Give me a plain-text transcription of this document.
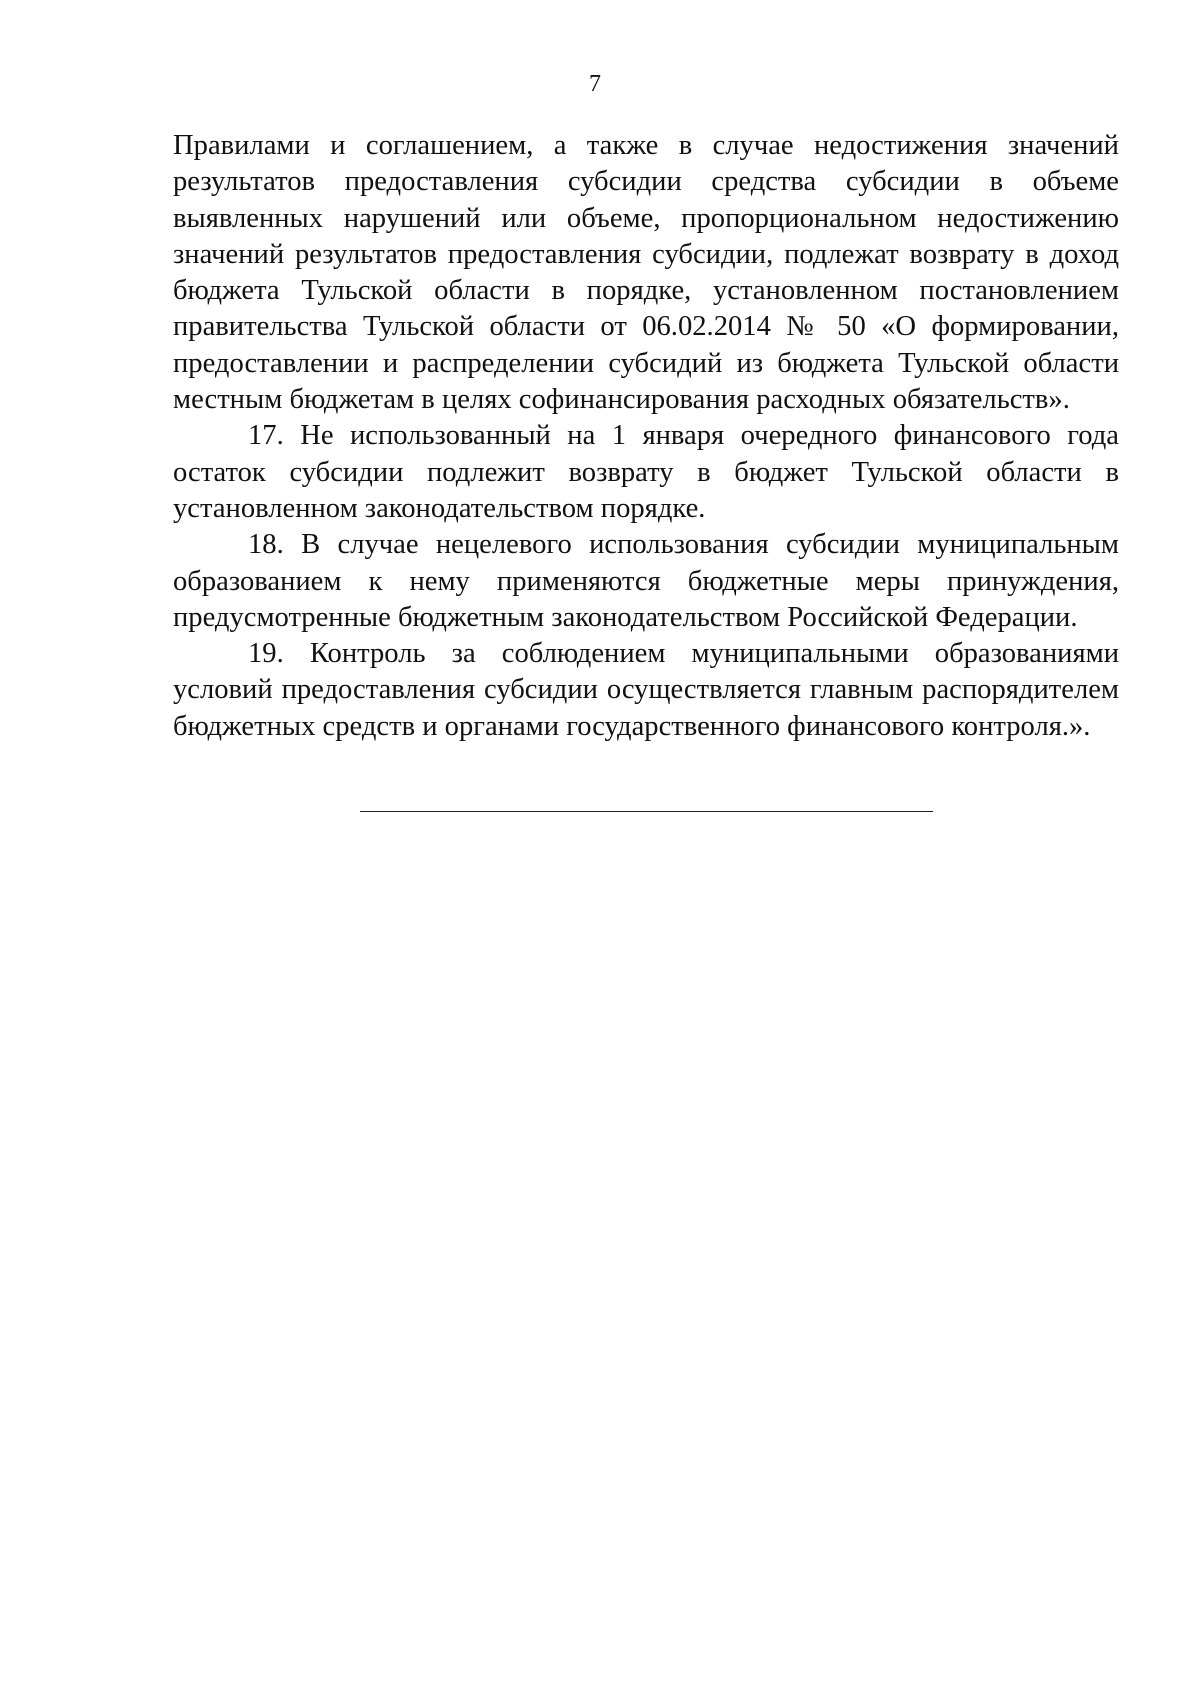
7

Правилами и соглашением, а также в случае недостижения значений результатов предоставления субсидии средства субсидии в объеме выявленных нарушений или объеме, пропорциональном недостижению значений результатов предоставления субсидии, подлежат возврату в доход бюджета Тульской области в порядке, установленном постановлением правительства Тульской области от 06.02.2014 № 50 «О формировании, предоставлении и распределении субсидий из бюджета Тульской области местным бюджетам в целях софинансирования расходных обязательств».

17. Не использованный на 1 января очередного финансового года остаток субсидии подлежит возврату в бюджет Тульской области в установленном законодательством порядке.

18. В случае нецелевого использования субсидии муниципальным образованием к нему применяются бюджетные меры принуждения, предусмотренные бюджетным законодательством Российской Федерации.

19. Контроль за соблюдением муниципальными образованиями условий предоставления субсидии осуществляется главным распорядителем бюджетных средств и органами государственного финансового контроля.».
